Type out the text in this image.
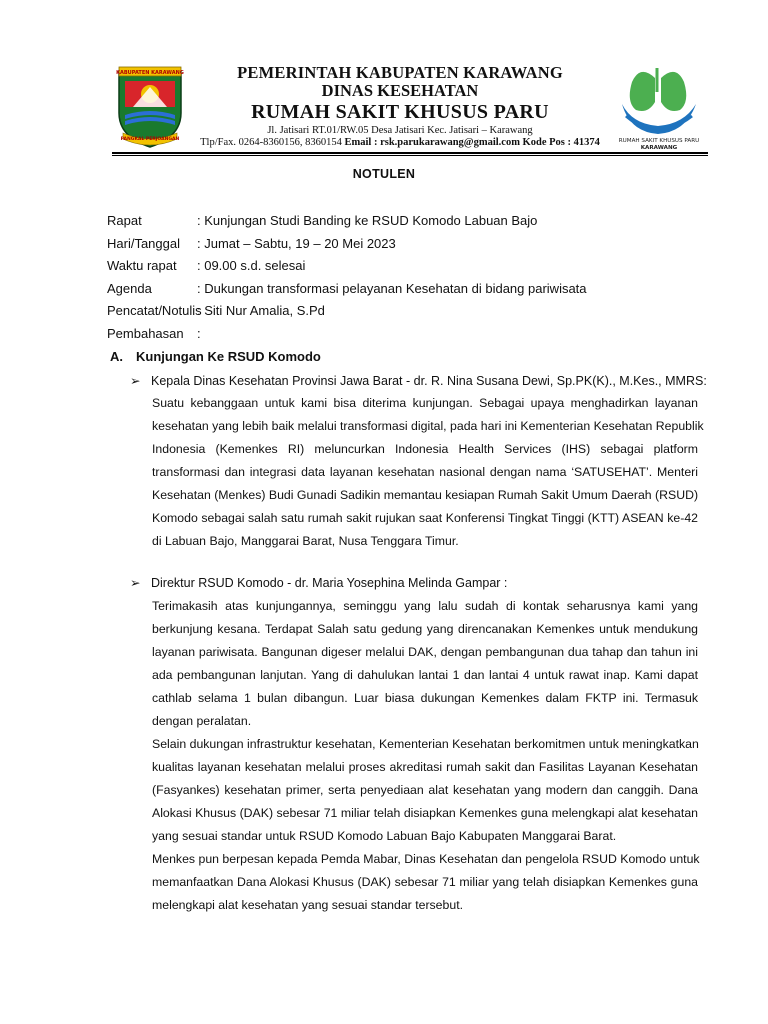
KABUPATEN KARAWANG
PANGKAL PERJOANGAN
PEMERINTAH KABUPATEN KARAWANG
DINAS KESEHATAN
RUMAH SAKIT KHUSUS PARU
Jl. Jatisari RT.01/RW.05 Desa Jatisari Kec. Jatisari – Karawang
Tlp/Fax. 0264-8360156, 8360154 Email : rsk.parukarawang@gmail.com Kode Pos : 41374	RUMAH SAKIT KHUSUS PARU
KARAWANG
NOTULEN
Rapat	: Kunjungan Studi Banding ke RSUD Komodo Labuan Bajo
Hari/Tanggal : Jumat – Sabtu, 19 – 20 Mei 2023
Waktu rapat : 09.00 s.d. selesai
Agenda	: Dukungan transformasi pelayanan Kesehatan di bidang pariwisata
Pencatat/Notulis: Siti Nur Amalia, S.Pd
Pembahasan :
A. Kunjungan Ke RSUD Komodo
➢ Kepala Dinas Kesehatan Provinsi Jawa Barat - dr. R. Nina Susana Dewi, Sp.PK(K)., M.Kes., MMRS:
Suatu kebanggaan untuk kami bisa diterima kunjungan. Sebagai upaya menghadirkan layanan
kesehatan yang lebih baik melalui transformasi digital, pada hari ini Kementerian Kesehatan Republik
Indonesia (Kemenkes RI) meluncurkan Indonesia Health Services (IHS) sebagai platform
transformasi dan integrasi data layanan kesehatan nasional dengan nama ‘SATUSEHAT’. Menteri
Kesehatan (Menkes) Budi Gunadi Sadikin memantau kesiapan Rumah Sakit Umum Daerah (RSUD)
Komodo sebagai salah satu rumah sakit rujukan saat Konferensi Tingkat Tinggi (KTT) ASEAN ke-42
di Labuan Bajo, Manggarai Barat, Nusa Tenggara Timur.
➢ Direktur RSUD Komodo - dr. Maria Yosephina Melinda Gampar :
Terimakasih atas kunjungannya, seminggu yang lalu sudah di kontak seharusnya kami yang
berkunjung kesana. Terdapat Salah satu gedung yang direncanakan Kemenkes untuk mendukung
layanan pariwisata. Bangunan digeser melalui DAK, dengan pembangunan dua tahap dan tahun ini
ada pembangunan lanjutan. Yang di dahulukan lantai 1 dan lantai 4 untuk rawat inap. Kami dapat
cathlab selama 1 bulan dibangun. Luar biasa dukungan Kemenkes dalam FKTP ini. Termasuk
dengan peralatan.
Selain dukungan infrastruktur kesehatan, Kementerian Kesehatan berkomitmen untuk meningkatkan
kualitas layanan kesehatan melalui proses akreditasi rumah sakit dan Fasilitas Layanan Kesehatan
(Fasyankes) kesehatan primer, serta penyediaan alat kesehatan yang modern dan canggih. Dana
Alokasi Khusus (DAK) sebesar 71 miliar telah disiapkan Kemenkes guna melengkapi alat kesehatan
yang sesuai standar untuk RSUD Komodo Labuan Bajo Kabupaten Manggarai Barat.
Menkes pun berpesan kepada Pemda Mabar, Dinas Kesehatan dan pengelola RSUD Komodo untuk
memanfaatkan Dana Alokasi Khusus (DAK) sebesar 71 miliar yang telah disiapkan Kemenkes guna
melengkapi alat kesehatan yang sesuai standar tersebut.
